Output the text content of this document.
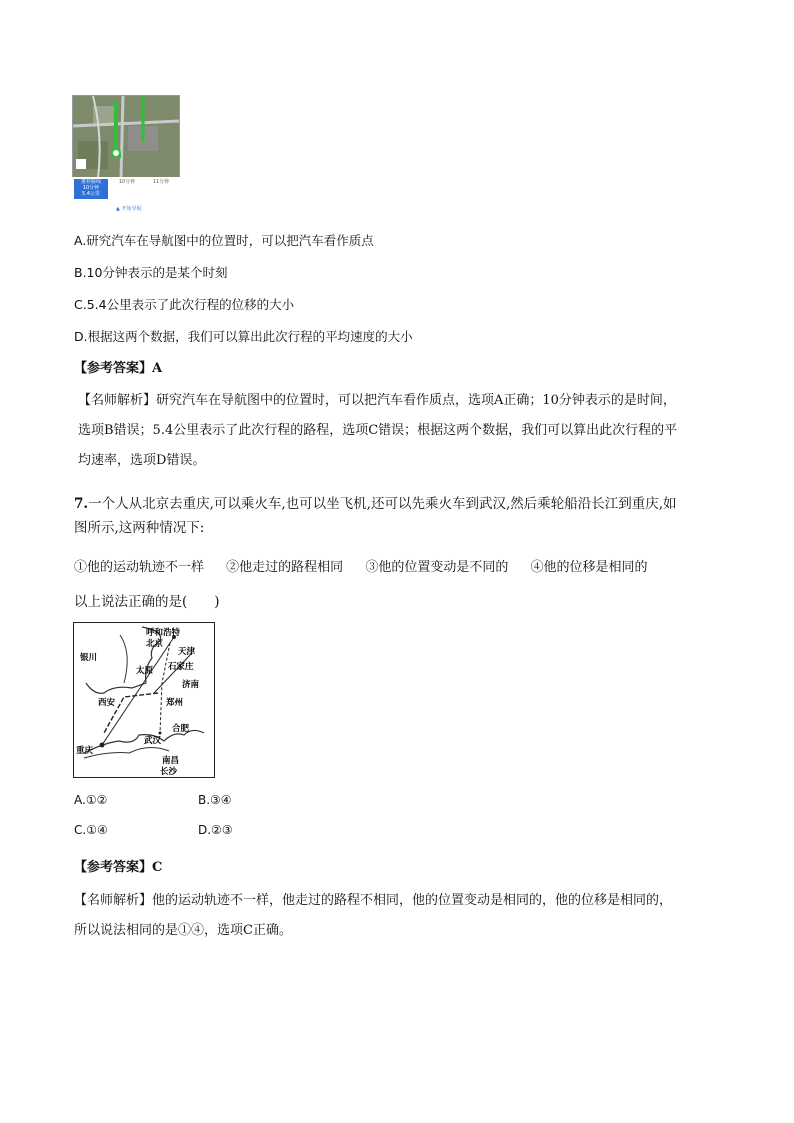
推荐路线
10分钟
5.4公里
10分钟	11分钟
▲ 开始导航
A.研究汽车在导航图中的位置时，可以把汽车看作质点
B.10分钟表示的是某个时刻
C.5.4公里表示了此次行程的位移的大小
D.根据这两个数据，我们可以算出此次行程的平均速度的大小
【参考答案】A

【名师解析】研究汽车在导航图中的位置时，可以把汽车看作质点，选项A正确；10分钟表示的是时间，

选项B错误；5.4公里表示了此次行程的路程，选项C错误；根据这两个数据，我们可以算出此次行程的平

均速率，选项D错误。

7.一个人从北京去重庆,可以乘火车,也可以坐飞机,还可以先乘火车到武汉,然后乘轮船沿长江到重庆,如
图所示,这两种情况下:
①他的运动轨迹不一样 ②他走过的路程相同 ③他的位置变动是不同的 ④他的位移是相同的
以上说法正确的是(　　)
呼和浩特
北京
天津
银川
太原 石家庄
济南
西安	郑州
合肥
武汉
重庆
南昌
长沙
A.①②	B.③④
C.①④	D.②③
【参考答案】C
【名师解析】他的运动轨迹不一样，他走过的路程不相同，他的位置变动是相同的，他的位移是相同的，
所以说法相同的是①④，选项C正确。
